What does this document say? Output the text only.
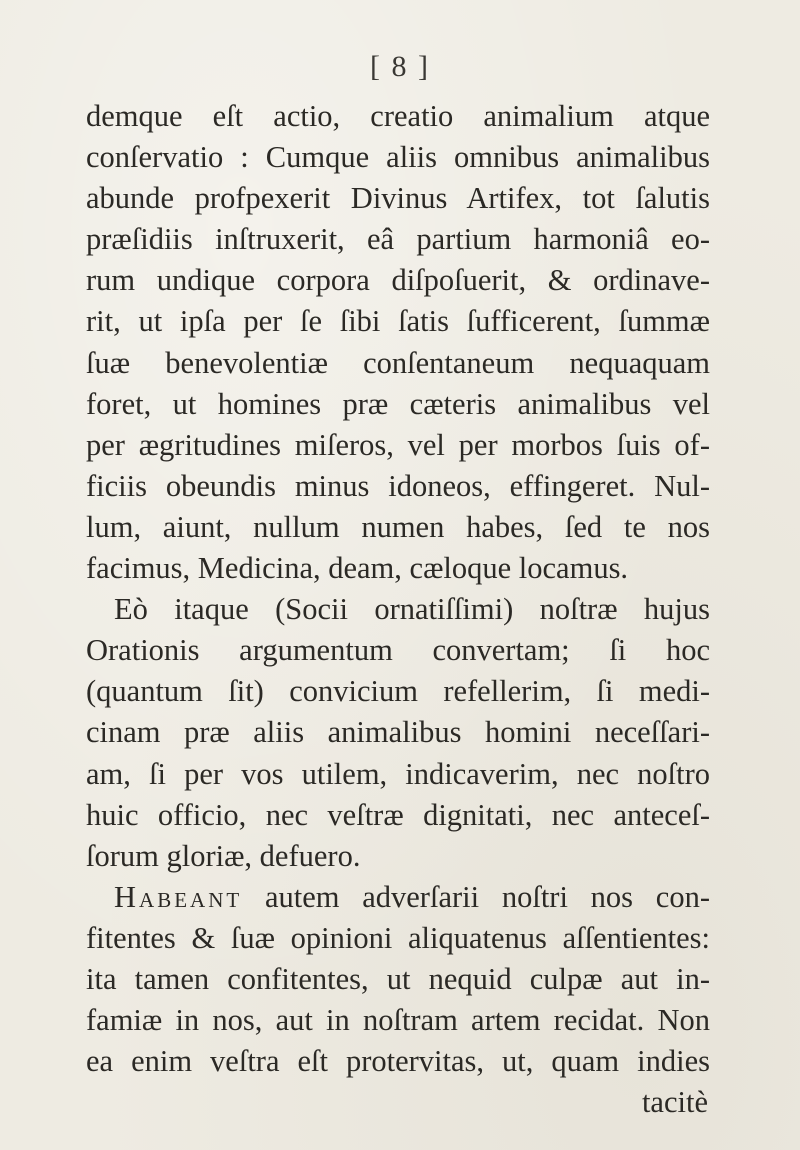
[ 8 ]
demque eſt actio, creatio animalium atque
conſervatio : Cumque aliis omnibus animalibus
abunde profpexerit Divinus Artifex, tot ſalutis
præſidiis inſtruxerit, eâ partium harmoniâ eo-
rum undique corpora diſpoſuerit, & ordinave-
rit, ut ipſa per ſe ſibi ſatis ſufficerent, ſummæ
ſuæ benevolentiæ conſentaneum nequaquam
foret, ut homines præ cæteris animalibus vel
per ægritudines miſeros, vel per morbos ſuis of-
ficiis obeundis minus idoneos, effingeret. Nul-
lum, aiunt, nullum numen habes, ſed te nos
facimus, Medicina, deam, cæloque locamus.
Eò itaque (Socii ornatiſſimi) noſtræ hujus
Orationis argumentum convertam; ſi hoc
(quantum ſit) convicium refellerim, ſi medi-
cinam præ aliis animalibus homini neceſſari-
am, ſi per vos utilem, indicaverim, nec noſtro
huic officio, nec veſtræ dignitati, nec anteceſ-
ſorum gloriæ, defuero.
Habeant autem adverſarii noſtri nos con-
fitentes & ſuæ opinioni aliquatenus aſſentientes:
ita tamen confitentes, ut nequid culpæ aut in-
famiæ in nos, aut in noſtram artem recidat. Non
ea enim veſtra eſt protervitas, ut, quam indies
tacitè
